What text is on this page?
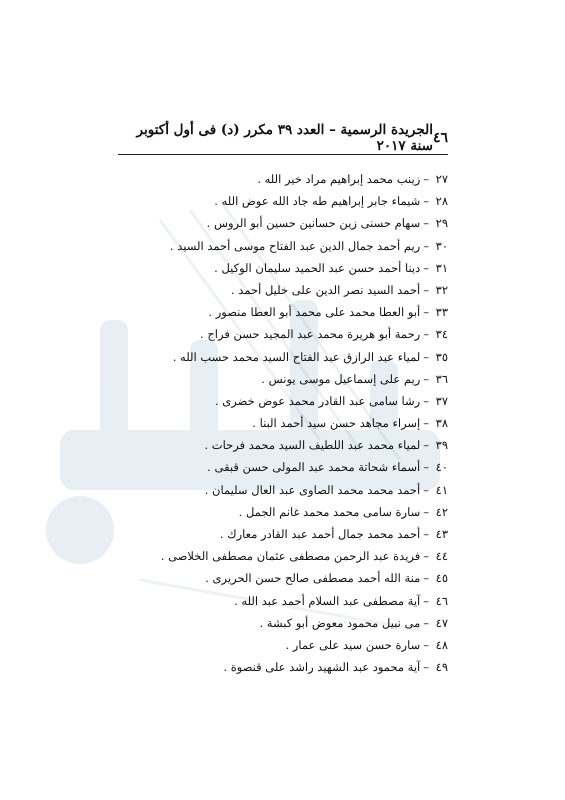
٤٦
الجريدة الرسمية – العدد ٣٩ مكرر (د) فى أول أكتوبر سنة ٢٠١٧
٢٧–زينب محمد إبراهيم مراد خير الله .
٢٨–شيماء جابر إبراهيم طه جاد الله عوض الله .
٢٩–سهام حسنى زين حسانين حسين أبو الروس .
٣٠–ريم أحمد جمال الدين عبد الفتاح موسى أحمد السيد .
٣١–دينا أحمد حسن عبد الحميد سليمان الوكيل .
٣٢–أحمد السيد نصر الدين على خليل أحمد .
٣٣–أبو العطا محمد على محمد أبو العطا منصور .
٣٤–رحمة أبو هريرة محمد عبد المجيد حسن فراج .
٣٥–لمياء عبد الرازق عبد الفتاح السيد محمد حسب الله .
٣٦–ريم على إسماعيل موسى يونس .
٣٧–رشا سامى عبد القادر محمد عوض خضرى .
٣٨–إسراء مجاهد حسن سيد أحمد البنا .
٣٩–لمياء محمد عبد اللطيف السيد محمد فرحات .
٤٠–أسماء شحاتة محمد عبد المولى حسن قبقى .
٤١–أحمد محمد محمد الصاوى عبد العال سليمان .
٤٢–سارة سامى محمد محمد غانم الجمل .
٤٣–أحمد محمد جمال أحمد عبد القادر معارك .
٤٤–فريدة عبد الرحمن مصطفى عثمان مصطفى الخلاصى .
٤٥–منة الله أحمد مصطفى صالح حسن الحريرى .
٤٦–آية مصطفى عبد السلام أحمد عبد الله .
٤٧–مى نبيل محمود معوض أبو كبشة .
٤٨–سارة حسن سيد على عمار .
٤٩–آية محمود عبد الشهيد راشد على قنصوة .
